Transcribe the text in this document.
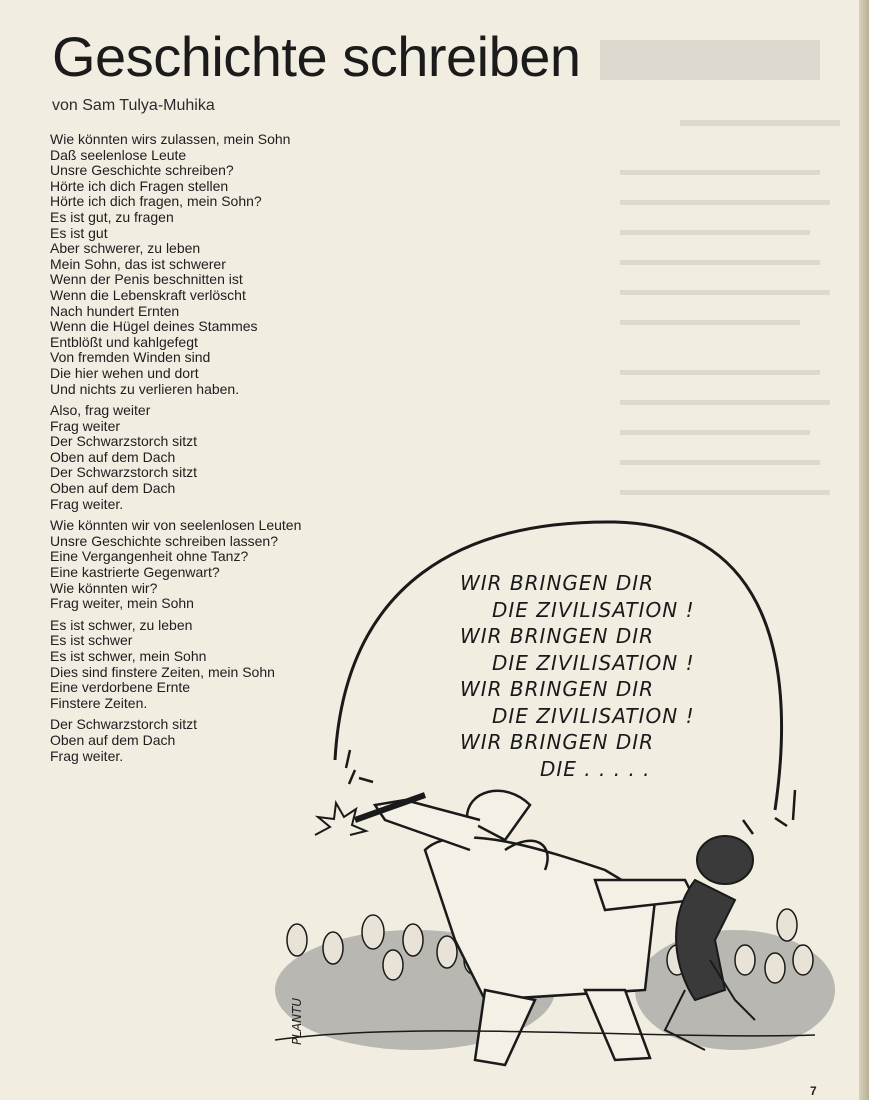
Geschichte schreiben
von Sam Tulya-Muhika
Wie könnten wirs zulassen, mein Sohn
Daß seelenlose Leute
Unsre Geschichte schreiben?
Hörte ich dich Fragen stellen
Hörte ich dich fragen, mein Sohn?
Es ist gut, zu fragen
Es ist gut
Aber schwerer, zu leben
Mein Sohn, das ist schwerer
Wenn der Penis beschnitten ist
Wenn die Lebenskraft verlöscht
Nach hundert Ernten
Wenn die Hügel deines Stammes
Entblößt und kahlgefegt
Von fremden Winden sind
Die hier wehen und dort
Und nichts zu verlieren haben.
Also, frag weiter
Frag weiter
Der Schwarzstorch sitzt
Oben auf dem Dach
Der Schwarzstorch sitzt
Oben auf dem Dach
Frag weiter.
Wie könnten wir von seelenlosen Leuten
Unsre Geschichte schreiben lassen?
Eine Vergangenheit ohne Tanz?
Eine kastrierte Gegenwart?
Wie könnten wir?
Frag weiter, mein Sohn
Es ist schwer, zu leben
Es ist schwer
Es ist schwer, mein Sohn
Dies sind finstere Zeiten, mein Sohn
Eine verdorbene Ernte
Finstere Zeiten.
Der Schwarzstorch sitzt
Oben auf dem Dach
Frag weiter.
WIR BRINGEN DIR
DIE ZIVILISATION !
WIR BRINGEN DIR
DIE ZIVILISATION !
WIR BRINGEN DIR
DIE ZIVILISATION !
WIR BRINGEN DIR
DIE . . . . .
PLANTU
7
